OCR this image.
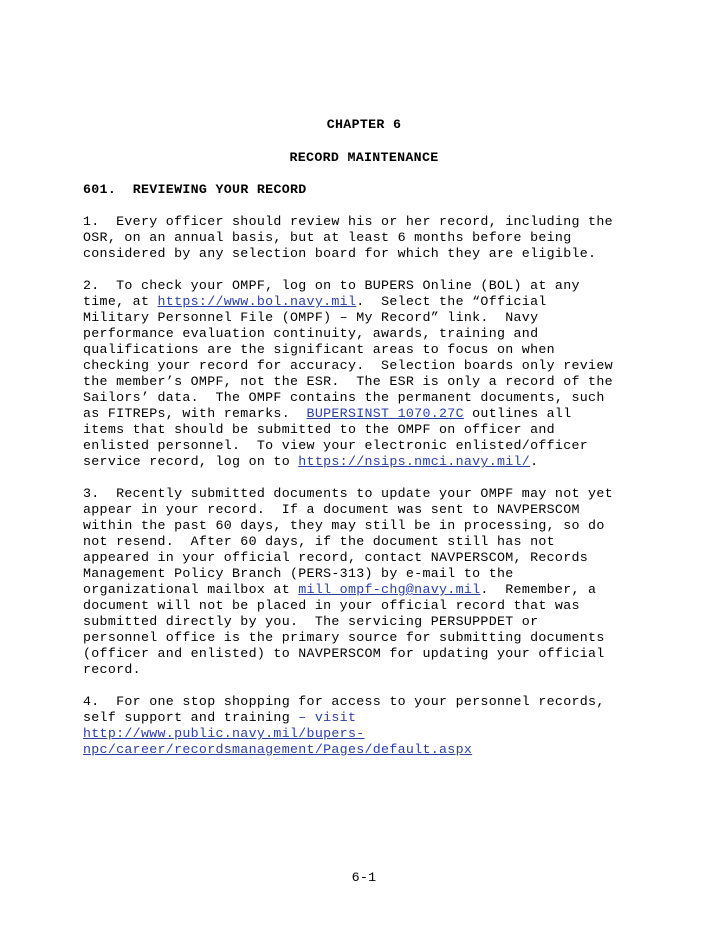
CHAPTER 6
RECORD MAINTENANCE
601. REVIEWING YOUR RECORD
1.  Every officer should review his or her record, including the
OSR, on an annual basis, but at least 6 months before being
considered by any selection board for which they are eligible.
2.  To check your OMPF, log on to BUPERS Online (BOL) at any
time, at https://www.bol.navy.mil.  Select the “Official
Military Personnel File (OMPF) – My Record” link.  Navy
performance evaluation continuity, awards, training and
qualifications are the significant areas to focus on when
checking your record for accuracy.  Selection boards only review
the member’s OMPF, not the ESR.  The ESR is only a record of the
Sailors’ data.  The OMPF contains the permanent documents, such
as FITREPs, with remarks.  BUPERSINST 1070.27C outlines all
items that should be submitted to the OMPF on officer and
enlisted personnel.  To view your electronic enlisted/officer
service record, log on to https://nsips.nmci.navy.mil/.
3.  Recently submitted documents to update your OMPF may not yet
appear in your record.  If a document was sent to NAVPERSCOM
within the past 60 days, they may still be in processing, so do
not resend.  After 60 days, if the document still has not
appeared in your official record, contact NAVPERSCOM, Records
Management Policy Branch (PERS-313) by e-mail to the
organizational mailbox at mill_ompf-chg@navy.mil.  Remember, a
document will not be placed in your official record that was
submitted directly by you.  The servicing PERSUPPDET or
personnel office is the primary source for submitting documents
(officer and enlisted) to NAVPERSCOM for updating your official
record.
4.  For one stop shopping for access to your personnel records,
self support and training – visit
http://www.public.navy.mil/bupers-
npc/career/recordsmanagement/Pages/default.aspx
6-1
